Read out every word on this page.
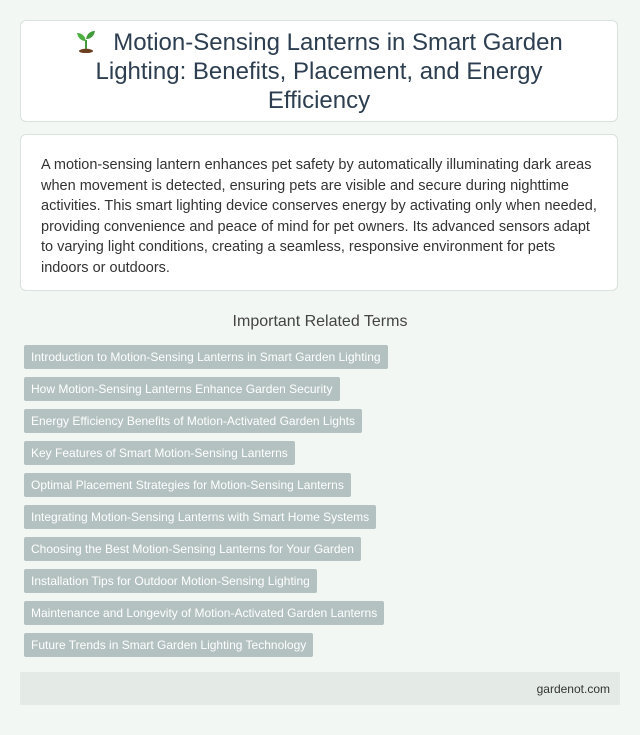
Motion-Sensing Lanterns in Smart Garden Lighting: Benefits, Placement, and Energy Efficiency

A motion-sensing lantern enhances pet safety by automatically illuminating dark areas when movement is detected, ensuring pets are visible and secure during nighttime activities. This smart lighting device conserves energy by activating only when needed, providing convenience and peace of mind for pet owners. Its advanced sensors adapt to varying light conditions, creating a seamless, responsive environment for pets indoors or outdoors.

Important Related Terms
Introduction to Motion-Sensing Lanterns in Smart Garden Lighting
How Motion-Sensing Lanterns Enhance Garden Security
Energy Efficiency Benefits of Motion-Activated Garden Lights
Key Features of Smart Motion-Sensing Lanterns
Optimal Placement Strategies for Motion-Sensing Lanterns
Integrating Motion-Sensing Lanterns with Smart Home Systems
Choosing the Best Motion-Sensing Lanterns for Your Garden
Installation Tips for Outdoor Motion-Sensing Lighting
Maintenance and Longevity of Motion-Activated Garden Lanterns
Future Trends in Smart Garden Lighting Technology
gardenot.com
